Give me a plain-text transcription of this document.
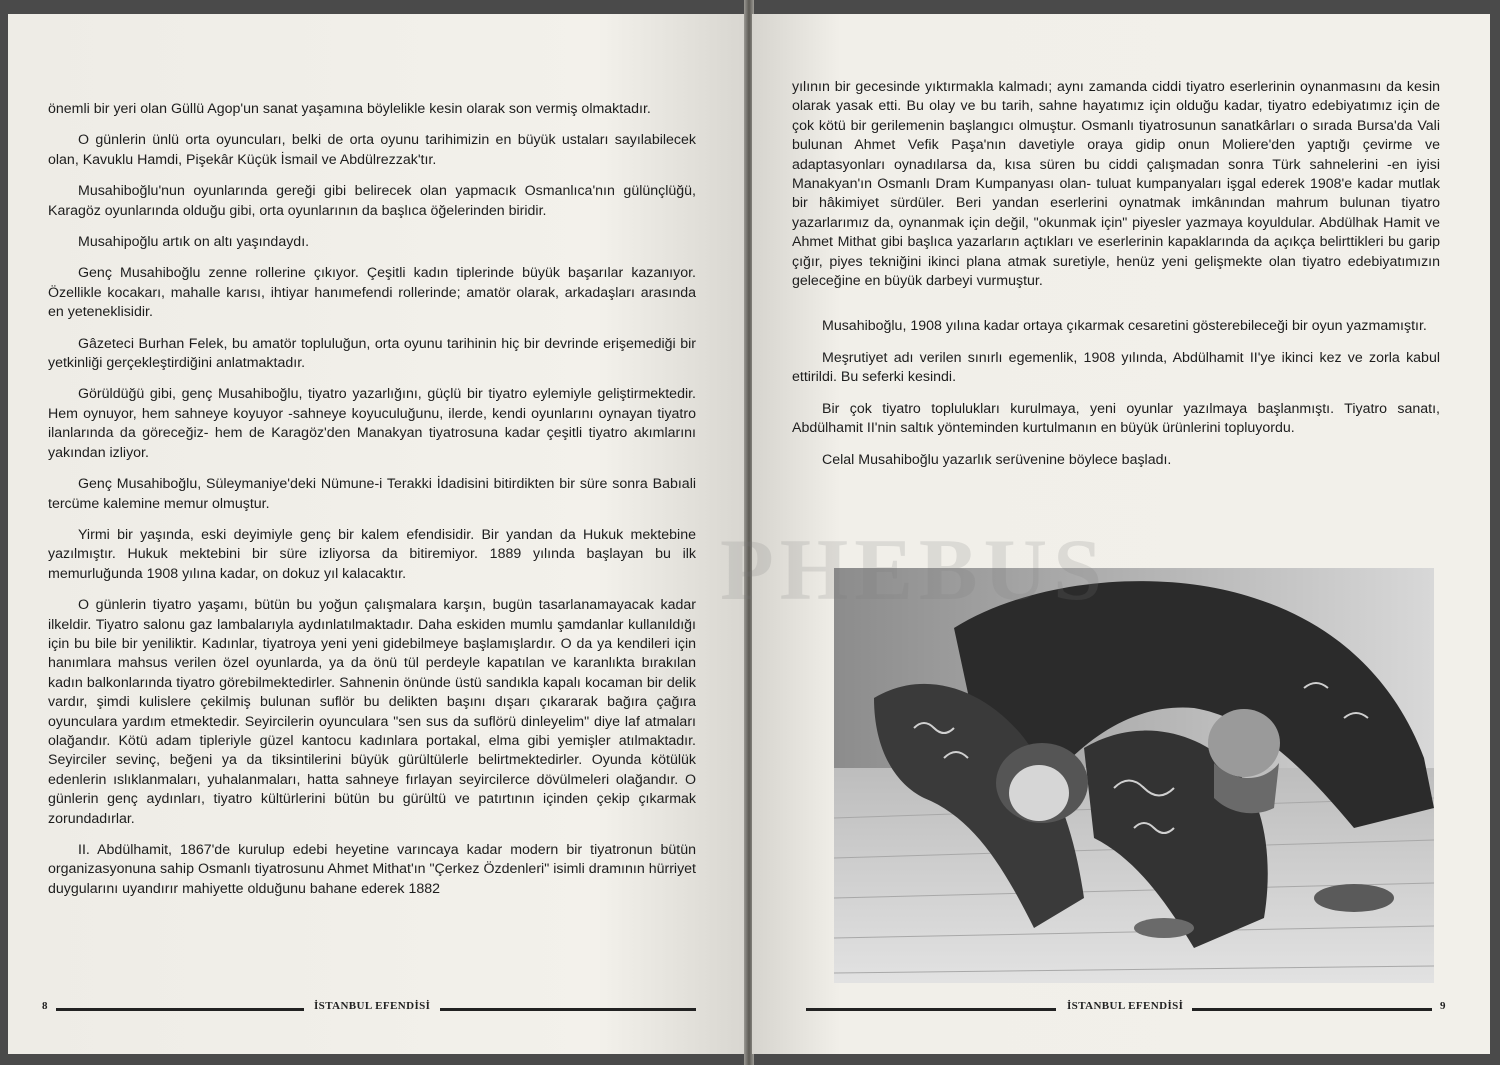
önemli bir yeri olan Güllü Agop'un sanat yaşamına böylelikle kesin olarak son vermiş olmaktadır.

O günlerin ünlü orta oyuncuları, belki de orta oyunu tarihimizin en büyük ustaları sayılabilecek olan, Kavuklu Hamdi, Pişekâr Küçük İsmail ve Abdülrezzak'tır.

Musahiboğlu'nun oyunlarında gereği gibi belirecek olan yapmacık Osmanlıca'nın gülünçlüğü, Karagöz oyunlarında olduğu gibi, orta oyunlarının da başlıca öğelerinden biridir.

Musahipoğlu artık on altı yaşındaydı.

Genç Musahiboğlu zenne rollerine çıkıyor. Çeşitli kadın tiplerinde büyük başarılar kazanıyor. Özellikle kocakarı, mahalle karısı, ihtiyar hanımefendi rollerinde; amatör olarak, arkadaşları arasında en yeteneklisidir.

Gâzeteci Burhan Felek, bu amatör topluluğun, orta oyunu tarihinin hiç bir devrinde erişemediği bir yetkinliği gerçekleştirdiğini anlatmaktadır.

Görüldüğü gibi, genç Musahiboğlu, tiyatro yazarlığını, güçlü bir tiyatro eylemiyle geliştirmektedir. Hem oynuyor, hem sahneye koyuyor -sahneye koyuculuğunu, ilerde, kendi oyunlarını oynayan tiyatro ilanlarında da göreceğiz- hem de Karagöz'den Manakyan tiyatrosuna kadar çeşitli tiyatro akımlarını yakından izliyor.

Genç Musahiboğlu, Süleymaniye'deki Nümune-i Terakki İdadisini bitirdikten bir süre sonra Babıali tercüme kalemine memur olmuştur.

Yirmi bir yaşında, eski deyimiyle genç bir kalem efendisidir. Bir yandan da Hukuk mektebine yazılmıştır. Hukuk mektebini bir süre izliyorsa da bitiremiyor. 1889 yılında başlayan bu ilk memurluğunda 1908 yılına kadar, on dokuz yıl kalacaktır.

O günlerin tiyatro yaşamı, bütün bu yoğun çalışmalara karşın, bugün tasarlanamayacak kadar ilkeldir. Tiyatro salonu gaz lambalarıyla aydınlatılmaktadır. Daha eskiden mumlu şamdanlar kullanıldığı için bu bile bir yeniliktir. Kadınlar, tiyatroya yeni yeni gidebilmeye başlamışlardır. O da ya kendileri için hanımlara mahsus verilen özel oyunlarda, ya da önü tül perdeyle kapatılan ve karanlıkta bırakılan kadın balkonlarında tiyatro görebilmektedirler. Sahnenin önünde üstü sandıkla kapalı kocaman bir delik vardır, şimdi kulislere çekilmiş bulunan suflör bu delikten başını dışarı çıkararak bağıra çağıra oyunculara yardım etmektedir. Seyircilerin oyunculara "sen sus da suflörü dinleyelim" diye laf atmaları olağandır. Kötü adam tipleriyle güzel kantocu kadınlara portakal, elma gibi yemişler atılmaktadır. Seyirciler sevinç, beğeni ya da tiksintilerini büyük gürültülerle belirtmektedirler. Oyunda kötülük edenlerin ıslıklanmaları, yuhalanmaları, hatta sahneye fırlayan seyircilerce dövülmeleri olağandır. O günlerin genç aydınları, tiyatro kültürlerini bütün bu gürültü ve patırtının içinden çekip çıkarmak zorundadırlar.

II. Abdülhamit, 1867'de kurulup edebi heyetine varıncaya kadar modern bir tiyatronun bütün organizasyonuna sahip Osmanlı tiyatrosunu Ahmet Mithat'ın "Çerkez Özdenleri" isimli dramının hürriyet duygularını uyandırır mahiyette olduğunu bahane ederek 1882

8	İSTANBUL EFENDİSİ

yılının bir gecesinde yıktırmakla kalmadı; aynı zamanda ciddi tiyatro eserlerinin oynanmasını da kesin olarak yasak etti. Bu olay ve bu tarih, sahne hayatımız için olduğu kadar, tiyatro edebiyatımız için de çok kötü bir gerilemenin başlangıcı olmuştur. Osmanlı tiyatrosunun sanatkârları o sırada Bursa'da Vali bulunan Ahmet Vefik Paşa'nın davetiyle oraya gidip onun Moliere'den yaptığı çevirme ve adaptasyonları oynadılarsa da, kısa süren bu ciddi çalışmadan sonra Türk sahnelerini -en iyisi Manakyan'ın Osmanlı Dram Kumpanyası olan- tuluat kumpanyaları işgal ederek 1908'e kadar mutlak bir hâkimiyet sürdüler. Beri yandan eserlerini oynatmak imkânından mahrum bulunan tiyatro yazarlarımız da, oynanmak için değil, "okunmak için" piyesler yazmaya koyuldular. Abdülhak Hamit ve Ahmet Mithat gibi başlıca yazarların açtıkları ve eserlerinin kapaklarında da açıkça belirttikleri bu garip çığır, piyes tekniğini ikinci plana atmak suretiyle, henüz yeni gelişmekte olan tiyatro edebiyatımızın geleceğine en büyük darbeyi vurmuştur.

Musahiboğlu, 1908 yılına kadar ortaya çıkarmak cesaretini gösterebileceği bir oyun yazmamıştır.

Meşrutiyet adı verilen sınırlı egemenlik, 1908 yılında, Abdülhamit II'ye ikinci kez ve zorla kabul ettirildi. Bu seferki kesindi.

Bir çok tiyatro toplulukları kurulmaya, yeni oyunlar yazılmaya başlanmıştı. Tiyatro sanatı, Abdülhamit II'nin saltık yönteminden kurtulmanın en büyük ürünlerini topluyordu.

Celal Musahiboğlu yazarlık serüvenine böylece başladı.

İSTANBUL EFENDİSİ	9
PHEBUS
